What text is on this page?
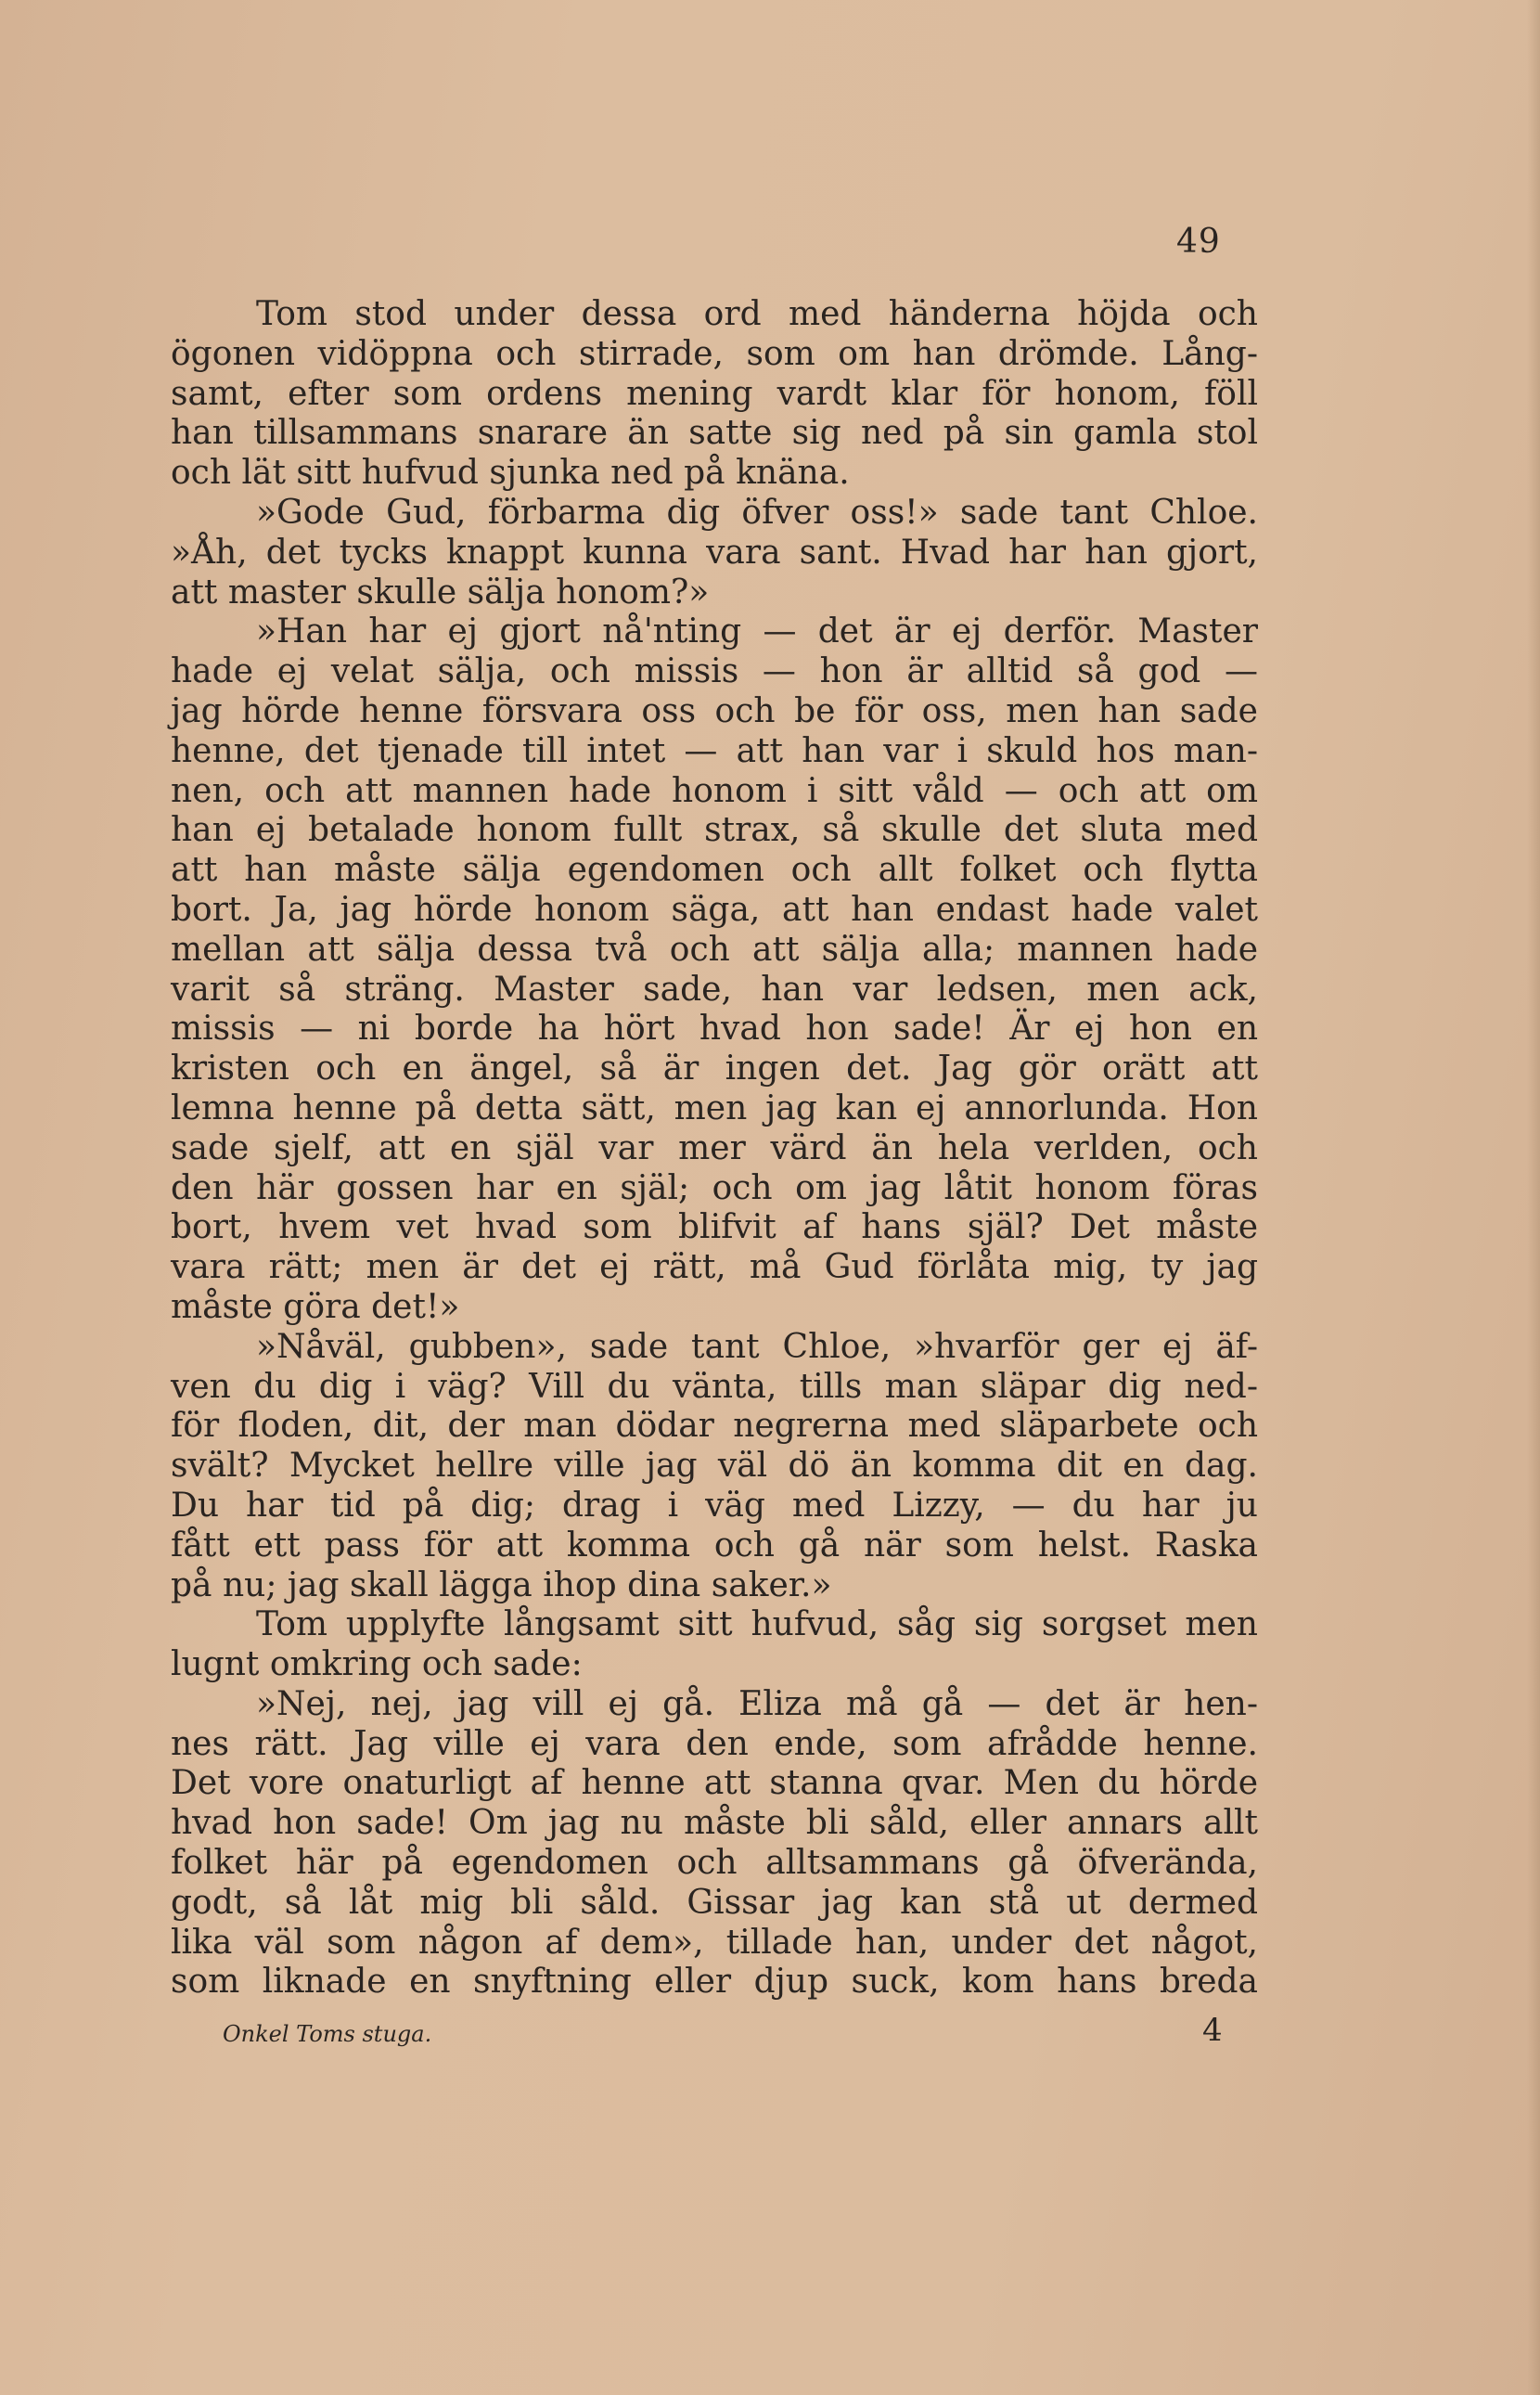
49
Tom stod under dessa ord med händerna höjda och
ögonen vidöppna och stirrade, som om han drömde. Lång-
samt, efter som ordens mening vardt klar för honom, föll
han tillsammans snarare än satte sig ned på sin gamla stol
och lät sitt hufvud sjunka ned på knäna.
»Gode Gud, förbarma dig öfver oss!» sade tant Chloe.
»Åh, det tycks knappt kunna vara sant. Hvad har han gjort,
att master skulle sälja honom?»
»Han har ej gjort nå'nting — det är ej derför. Master
hade ej velat sälja, och missis — hon är alltid så god —
jag hörde henne försvara oss och be för oss, men han sade
henne, det tjenade till intet — att han var i skuld hos man-
nen, och att mannen hade honom i sitt våld — och att om
han ej betalade honom fullt strax, så skulle det sluta med
att han måste sälja egendomen och allt folket och flytta
bort. Ja, jag hörde honom säga, att han endast hade valet
mellan att sälja dessa två och att sälja alla; mannen hade
varit så sträng. Master sade, han var ledsen, men ack,
missis — ni borde ha hört hvad hon sade! Är ej hon en
kristen och en ängel, så är ingen det. Jag gör orätt att
lemna henne på detta sätt, men jag kan ej annorlunda. Hon
sade sjelf, att en själ var mer värd än hela verlden, och
den här gossen har en själ; och om jag låtit honom föras
bort, hvem vet hvad som blifvit af hans själ? Det måste
vara rätt; men är det ej rätt, må Gud förlåta mig, ty jag
måste göra det!»
»Nåväl, gubben», sade tant Chloe, »hvarför ger ej äf-
ven du dig i väg? Vill du vänta, tills man släpar dig ned-
för floden, dit, der man dödar negrerna med släparbete och
svält? Mycket hellre ville jag väl dö än komma dit en dag.
Du har tid på dig; drag i väg med Lizzy, — du har ju
fått ett pass för att komma och gå när som helst. Raska
på nu; jag skall lägga ihop dina saker.»
Tom upplyfte långsamt sitt hufvud, såg sig sorgset men
lugnt omkring och sade:
»Nej, nej, jag vill ej gå. Eliza må gå — det är hen-
nes rätt. Jag ville ej vara den ende, som afrådde henne.
Det vore onaturligt af henne att stanna qvar. Men du hörde
hvad hon sade! Om jag nu måste bli såld, eller annars allt
folket här på egendomen och alltsammans gå öfverända,
godt, så låt mig bli såld. Gissar jag kan stå ut dermed
lika väl som någon af dem», tillade han, under det något,
som liknade en snyftning eller djup suck, kom hans breda
Onkel Toms stuga.	4
